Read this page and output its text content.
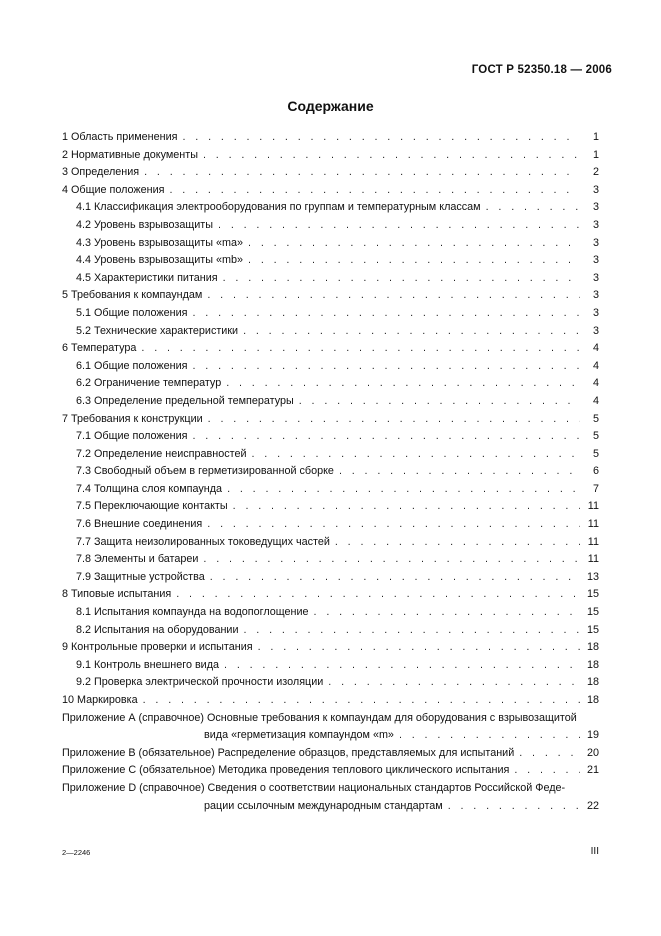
ГОСТ Р 52350.18 — 2006
Содержание
1 Область применения . . .	1
2 Нормативные документы . . .	1
3 Определения . . .	2
4 Общие положения . . .	3
4.1 Классификация электрооборудования по группам и температурным классам . . .	3
4.2 Уровень взрывозащиты . . .	3
4.3 Уровень взрывозащиты «ma» . . .	3
4.4 Уровень взрывозащиты «mb» . . .	3
4.5 Характеристики питания . . .	3
5 Требования к компаундам . . .	3
5.1 Общие положения . . .	3
5.2 Технические характеристики . . .	3
6 Температура . . .	4
6.1 Общие положения . . .	4
6.2 Ограничение температур . . .	4
6.3 Определение предельной температуры . . .	4
7 Требования к конструкции . . .	5
7.1 Общие положения . . .	5
7.2 Определение неисправностей . . .	5
7.3 Свободный объем в герметизированной сборке . . .	6
7.4 Толщина слоя компаунда . . .	7
7.5 Переключающие контакты . . .	11
7.6 Внешние соединения . . .	11
7.7 Защита неизолированных токоведущих частей . . .	11
7.8 Элементы и батареи . . .	11
7.9 Защитные устройства . . .	13
8 Типовые испытания . . .	15
8.1 Испытания компаунда на водопоглощение . . .	15
8.2 Испытания на оборудовании . . .	15
9 Контрольные проверки и испытания . . .	18
9.1 Контроль внешнего вида . . .	18
9.2 Проверка электрической прочности изоляции . . .	18
10 Маркировка . . .	18
Приложение А (справочное) Основные требования к компаундам для оборудования с взрывозащитой
вида «герметизация компаундом «m» . . .	19
Приложение В (обязательное) Распределение образцов, представляемых для испытаний . . .	20
Приложение С (обязательное) Методика проведения теплового циклического испытания . . .	21
Приложение D (справочное) Сведения о соответствии национальных стандартов Российской Феде-
рации ссылочным международным стандартам . . .	22
2—2246	III
